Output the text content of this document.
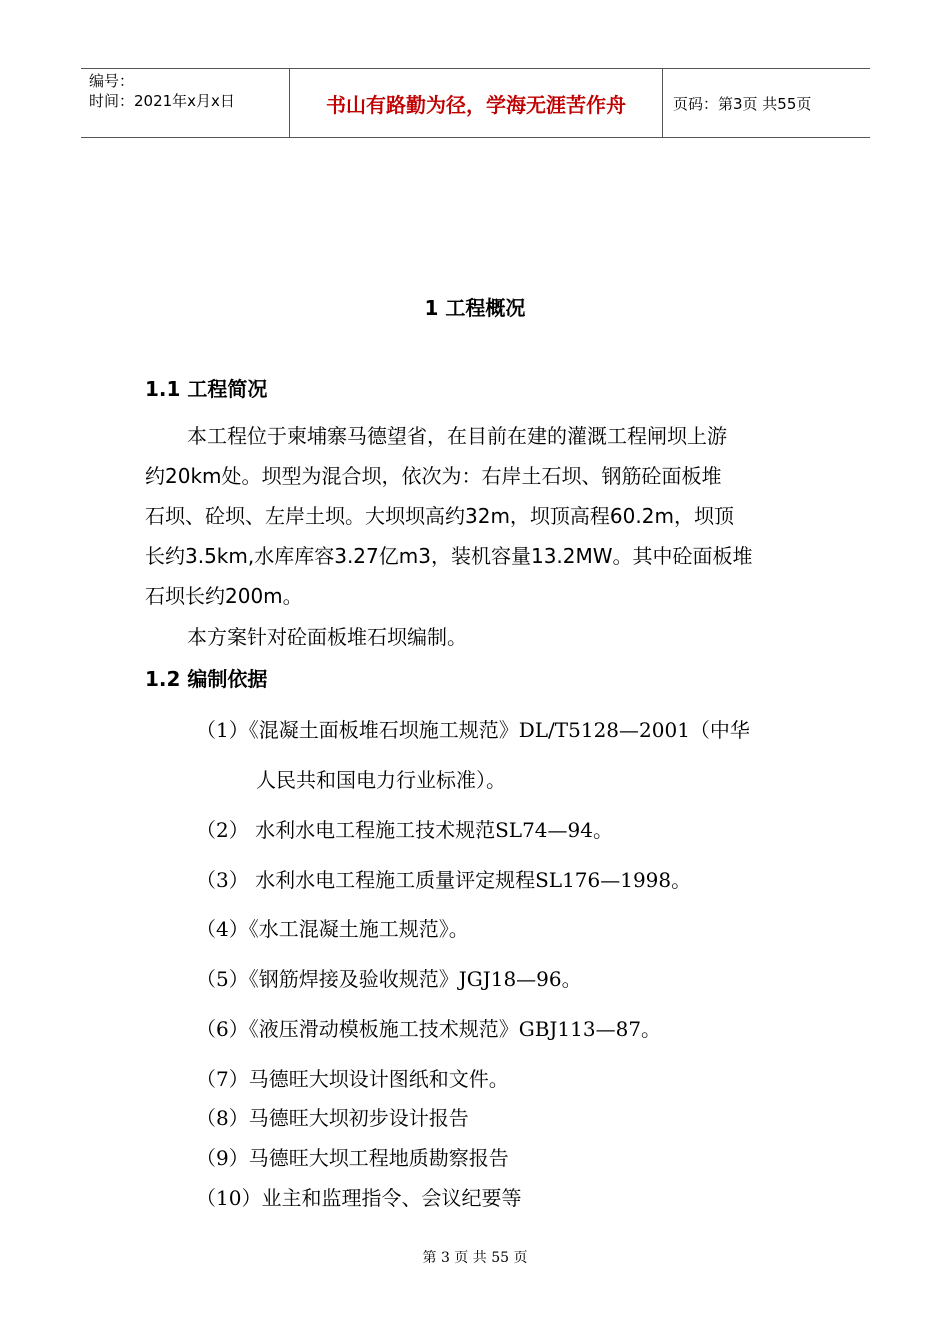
编号：
时间：2021年x月x日	书山有路勤为径，学海无涯苦作舟	页码：第3页 共55页
1 工程概况
1.1 工程简况
本工程位于柬埔寨马德望省，在目前在建的灌溉工程闸坝上游
约20km处。坝型为混合坝，依次为：右岸土石坝、钢筋砼面板堆
石坝、砼坝、左岸土坝。大坝坝高约32m，坝顶高程60.2m，坝顶
长约3.5km,水库库容3.27亿m3，装机容量13.2MW。其中砼面板堆
石坝长约200m。
本方案针对砼面板堆石坝编制。
1.2 编制依据
（1）《混凝土面板堆石坝施工规范》DL/T5128—2001（中华
人民共和国电力行业标准）。
（2） 水利水电工程施工技术规范SL74—94。
（3） 水利水电工程施工质量评定规程SL176—1998。
（4）《水工混凝土施工规范》。
（5）《钢筋焊接及验收规范》JGJ18—96。
（6）《液压滑动模板施工技术规范》GBJ113—87。
（7）马德旺大坝设计图纸和文件。
（8）马德旺大坝初步设计报告
（9）马德旺大坝工程地质勘察报告
（10）业主和监理指令、会议纪要等
第 3 页 共 55 页
